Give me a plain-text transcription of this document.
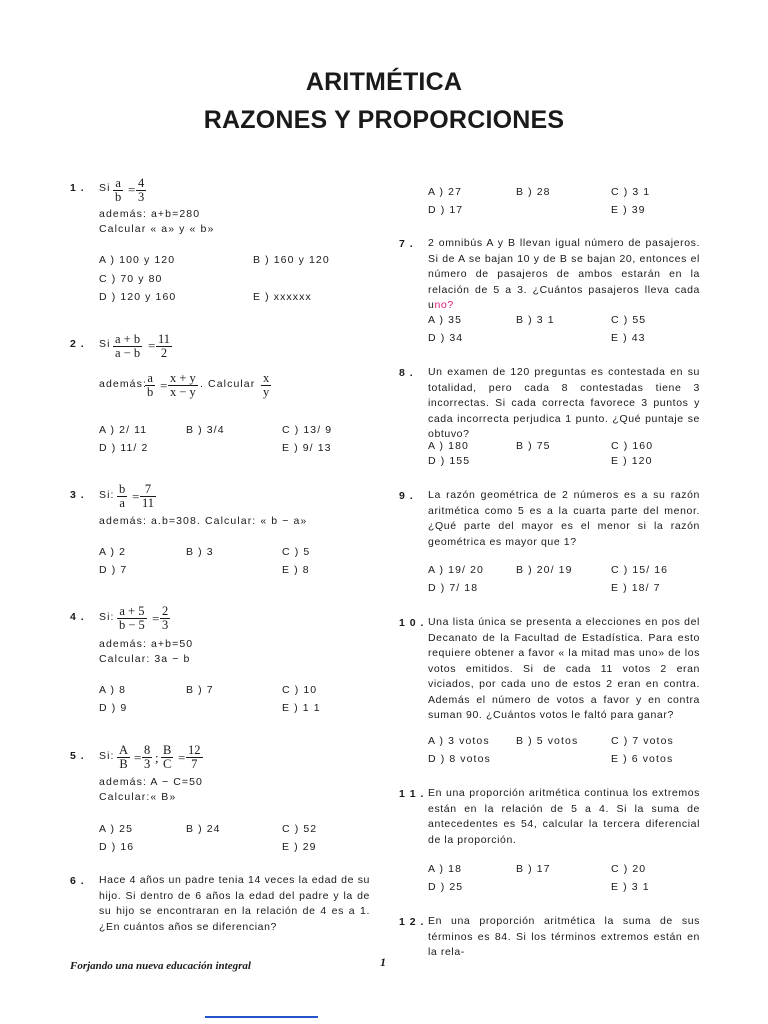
ARITMÉTICA
RAZONES Y PROPORCIONES
1 . Si $\frac{a}{b} = \frac{4}{3}$
además: a+b=280
Calcular « a» y « b»
A ) 100 y 120	B ) 160 y 120
C ) 70 y 80
D ) 120 y 160	E ) xxxxxx
2 . Si $\frac{a + b}{a - b} = \frac{11}{2}$
además:
$\frac{a}{b} = \frac{x + y}{x - y}$ . Calcular $\frac{x}{y}$
A ) 2/ 11	B ) 3/4	C ) 13/ 9
D ) 11/ 2	E ) 9/ 13
3 . Si: $\frac{b}{a} = \frac{7}{11}$
además: a.b=308. Calcular: « b − a»
A ) 2	B ) 3	C ) 5
D ) 7	E ) 8
4 . Si: $\frac{a + 5}{b - 5} = \frac{2}{3}$
además: a+b=50
Calcular: 3a − b
A ) 8	B ) 7	C ) 10
D ) 9	E ) 1 1
5 . Si: $\frac{A}{B} = \frac{8}{3}$ ; $\frac{B}{C} = \frac{12}{7}$
además: A − C=50
Calcular:« B»
A ) 25	B ) 24	C ) 52
D ) 16	E ) 29
6 . Hace 4 años un padre tenia 14 veces la edad de su hijo. Si dentro de 6 años la edad del padre y la de su hijo se encontraran en la relación de 4 es a 1. ¿En cuántos años se diferencian?
A ) 27	B ) 28	C ) 3 1
D ) 17	E ) 39
7 . 2 omnibús A y B llevan igual número de pasajeros. Si de A se bajan 10 y de B se bajan 20, entonces el número de pasajeros de ambos estarán en la relación de 5 a 3. ¿Cuántos pasajeros lleva cada uno?
A ) 35	B ) 3 1	C ) 55
D ) 34	E ) 43
8 . Un examen de 120 preguntas es contestada en su totalidad, pero cada 8 contestadas tiene 3 incorrectas. Si cada correcta favorece 3 puntos y cada incorrecta perjudica 1 punto. ¿Qué puntaje se obtuvo?
A ) 180	B ) 75	C ) 160
D ) 155	E ) 120
9 . La razón geométrica de 2 números es a su razón aritmética como 5 es a la cuarta parte del menor. ¿Qué parte del mayor es el menor si la razón geométrica es mayor que 1?
A ) 19/ 20	B ) 20/ 19	C ) 15/ 16
D ) 7/ 18	E ) 18/ 7
1 0 . Una lista única se presenta a elecciones en pos del Decanato de la Facultad de Estadística. Para esto requiere obtener a favor « la mitad mas uno» de los votos emitidos. Si de cada 11 votos 2 eran viciados, por cada uno de estos 2 eran en contra. Además el número de votos a favor y en contra suman 90. ¿Cuántos votos le faltó para ganar?
A ) 3 votos	B ) 5 votos	C ) 7 votos
D ) 8 votos	E ) 6 votos
1 1 . En una proporción aritmética continua los extremos están en la relación de 5 a 4. Si la suma de antecedentes es 54, calcular la tercera diferencial de la proporción.
A ) 18	B ) 17	C ) 20
D ) 25	E ) 3 1
1 2 . En una proporción aritmética la suma de sus términos es 84. Si los términos extremos están en la rela-
Forjando una nueva educación integral	1
